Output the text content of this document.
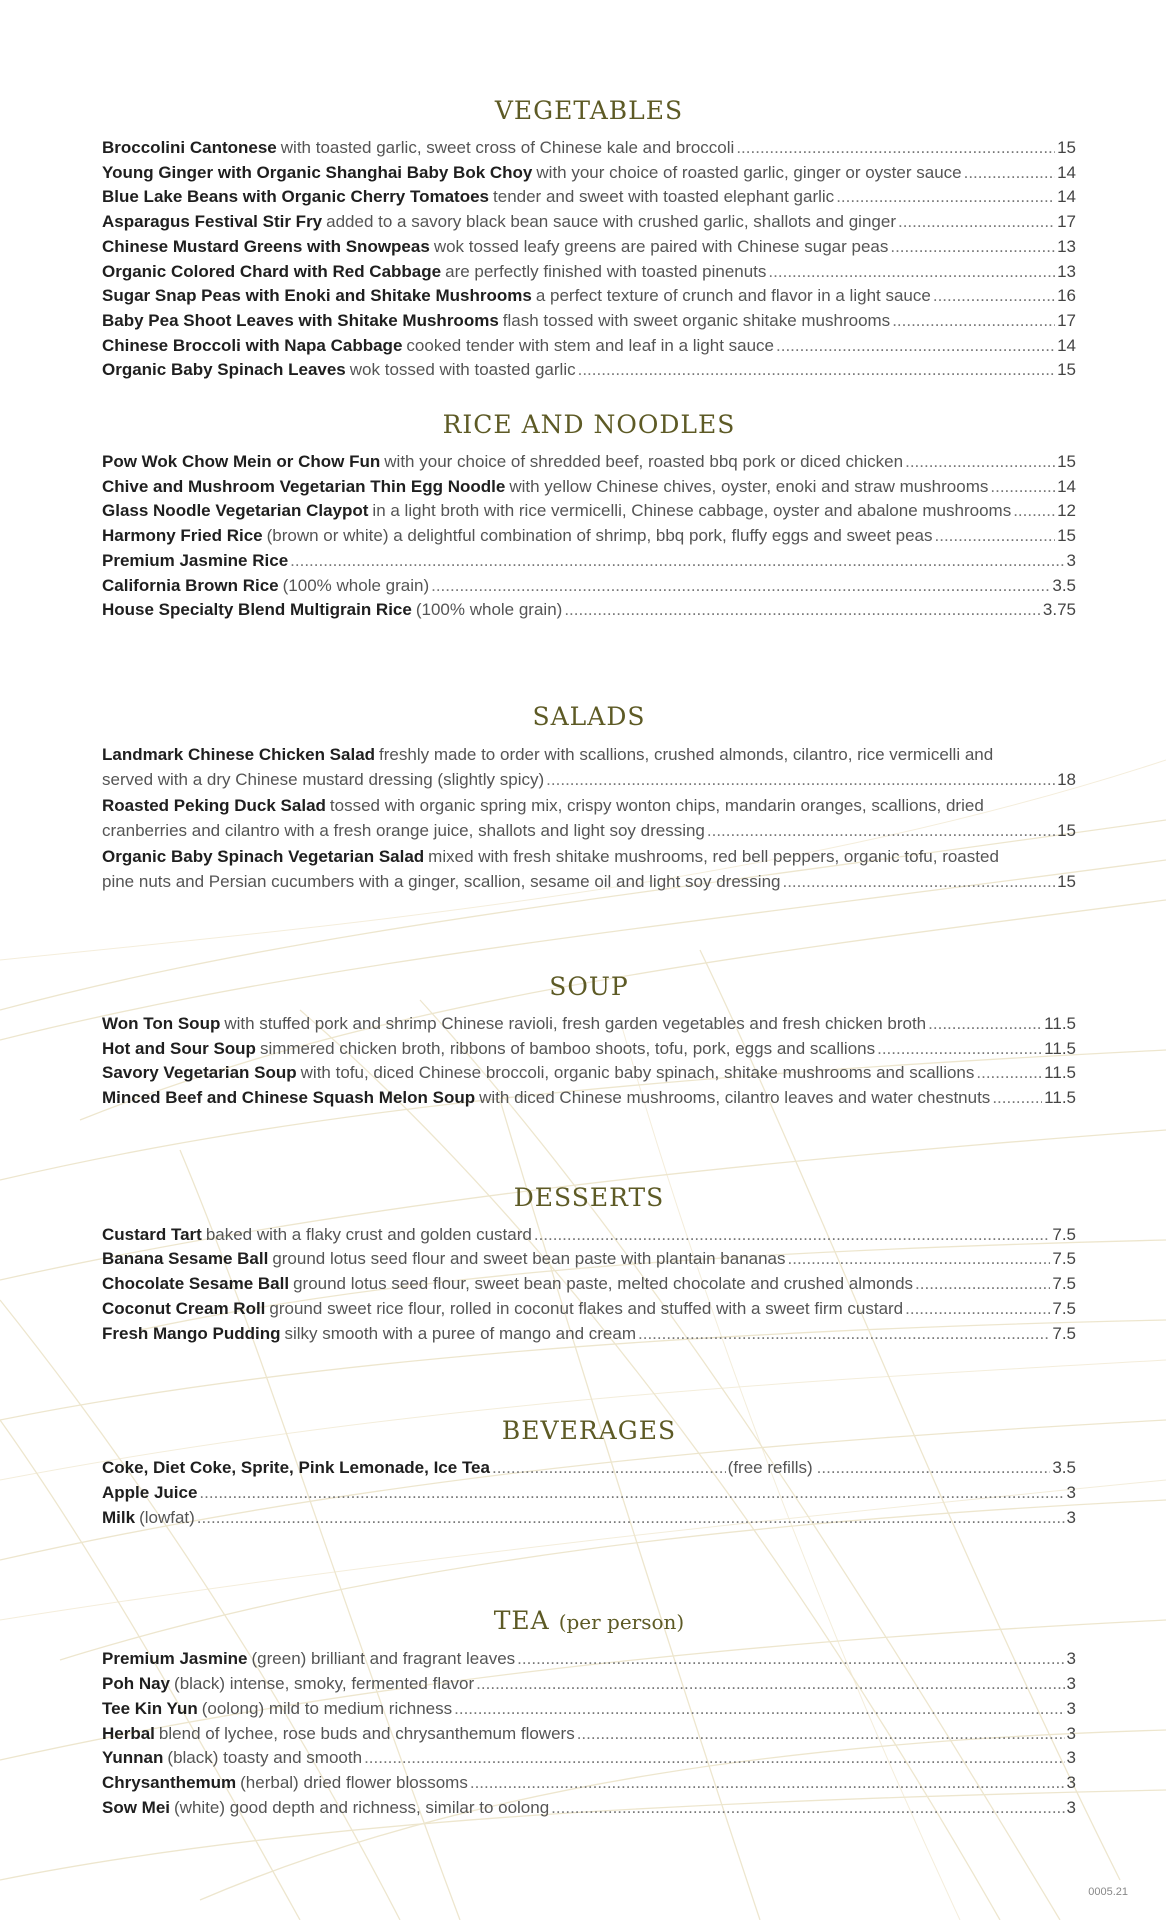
VEGETABLES
Broccolini Cantonese with toasted garlic, sweet cross of Chinese kale and broccoli .....	15
Young Ginger with Organic Shanghai Baby Bok Choy with your choice of roasted garlic, ginger or oyster sauce .....	14
Blue Lake Beans with Organic Cherry Tomatoes tender and sweet with toasted elephant garlic .....	14
Asparagus Festival Stir Fry added to a savory black bean sauce with crushed garlic, shallots and ginger .....	17
Chinese Mustard Greens with Snowpeas wok tossed leafy greens are paired with Chinese sugar peas .....	13
Organic Colored Chard with Red Cabbage are perfectly finished with toasted pinenuts .....	13
Sugar Snap Peas with Enoki and Shitake Mushrooms a perfect texture of crunch and flavor in a light sauce .....	16
Baby Pea Shoot Leaves with Shitake Mushrooms flash tossed with sweet organic shitake mushrooms .....	17
Chinese Broccoli with Napa Cabbage cooked tender with stem and leaf in a light sauce .....	14
Organic Baby Spinach Leaves wok tossed with toasted garlic .....	15
RICE AND NOODLES
Pow Wok Chow Mein or Chow Fun with your choice of shredded beef, roasted bbq pork or diced chicken .....	15
Chive and Mushroom Vegetarian Thin Egg Noodle with yellow Chinese chives, oyster, enoki and straw mushrooms .....	14
Glass Noodle Vegetarian Claypot in a light broth with rice vermicelli, Chinese cabbage, oyster and abalone mushrooms .....	12
Harmony Fried Rice (brown or white) a delightful combination of shrimp, bbq pork, fluffy eggs and sweet peas .....	15
Premium Jasmine Rice .....	3
California Brown Rice (100% whole grain) .....	3.5
House Specialty Blend Multigrain Rice (100% whole grain) .....	3.75
SALADS
Landmark Chinese Chicken Salad freshly made to order with scallions, crushed almonds, cilantro, rice vermicelli and
served with a dry Chinese mustard dressing (slightly spicy) .....	18
Roasted Peking Duck Salad tossed with organic spring mix, crispy wonton chips, mandarin oranges, scallions, dried
cranberries and cilantro with a fresh orange juice, shallots and light soy dressing .....	15
Organic Baby Spinach Vegetarian Salad mixed with fresh shitake mushrooms, red bell peppers, organic tofu, roasted
pine nuts and Persian cucumbers with a ginger, scallion, sesame oil and light soy dressing .....	15
SOUP
Won Ton Soup with stuffed pork and shrimp Chinese ravioli, fresh garden vegetables and fresh chicken broth .....	11.5
Hot and Sour Soup simmered chicken broth, ribbons of bamboo shoots, tofu, pork, eggs and scallions .....	11.5
Savory Vegetarian Soup with tofu, diced Chinese broccoli, organic baby spinach, shitake mushrooms and scallions .....	11.5
Minced Beef and Chinese Squash Melon Soup with diced Chinese mushrooms, cilantro leaves and water chestnuts .....	11.5
DESSERTS
Custard Tart baked with a flaky crust and golden custard .....	7.5
Banana Sesame Ball ground lotus seed flour and sweet bean paste with plantain bananas .....	7.5
Chocolate Sesame Ball ground lotus seed flour, sweet bean paste, melted chocolate and crushed almonds .....	7.5
Coconut Cream Roll ground sweet rice flour, rolled in coconut flakes and stuffed with a sweet firm custard .....	7.5
Fresh Mango Pudding silky smooth with a puree of mango and cream .....	7.5
BEVERAGES
Coke, Diet Coke, Sprite, Pink Lemonade, Ice Tea .....	(free refills) .....	3.5
Apple Juice .....	3
Milk (lowfat) .....	3
TEA (per person)
Premium Jasmine (green) brilliant and fragrant leaves .....	3
Poh Nay (black) intense, smoky, fermented flavor .....	3
Tee Kin Yun (oolong) mild to medium richness .....	3
Herbal blend of lychee, rose buds and chrysanthemum flowers .....	3
Yunnan (black) toasty and smooth .....	3
Chrysanthemum (herbal) dried flower blossoms .....	3
Sow Mei (white) good depth and richness, similar to oolong .....	3
0005.21
